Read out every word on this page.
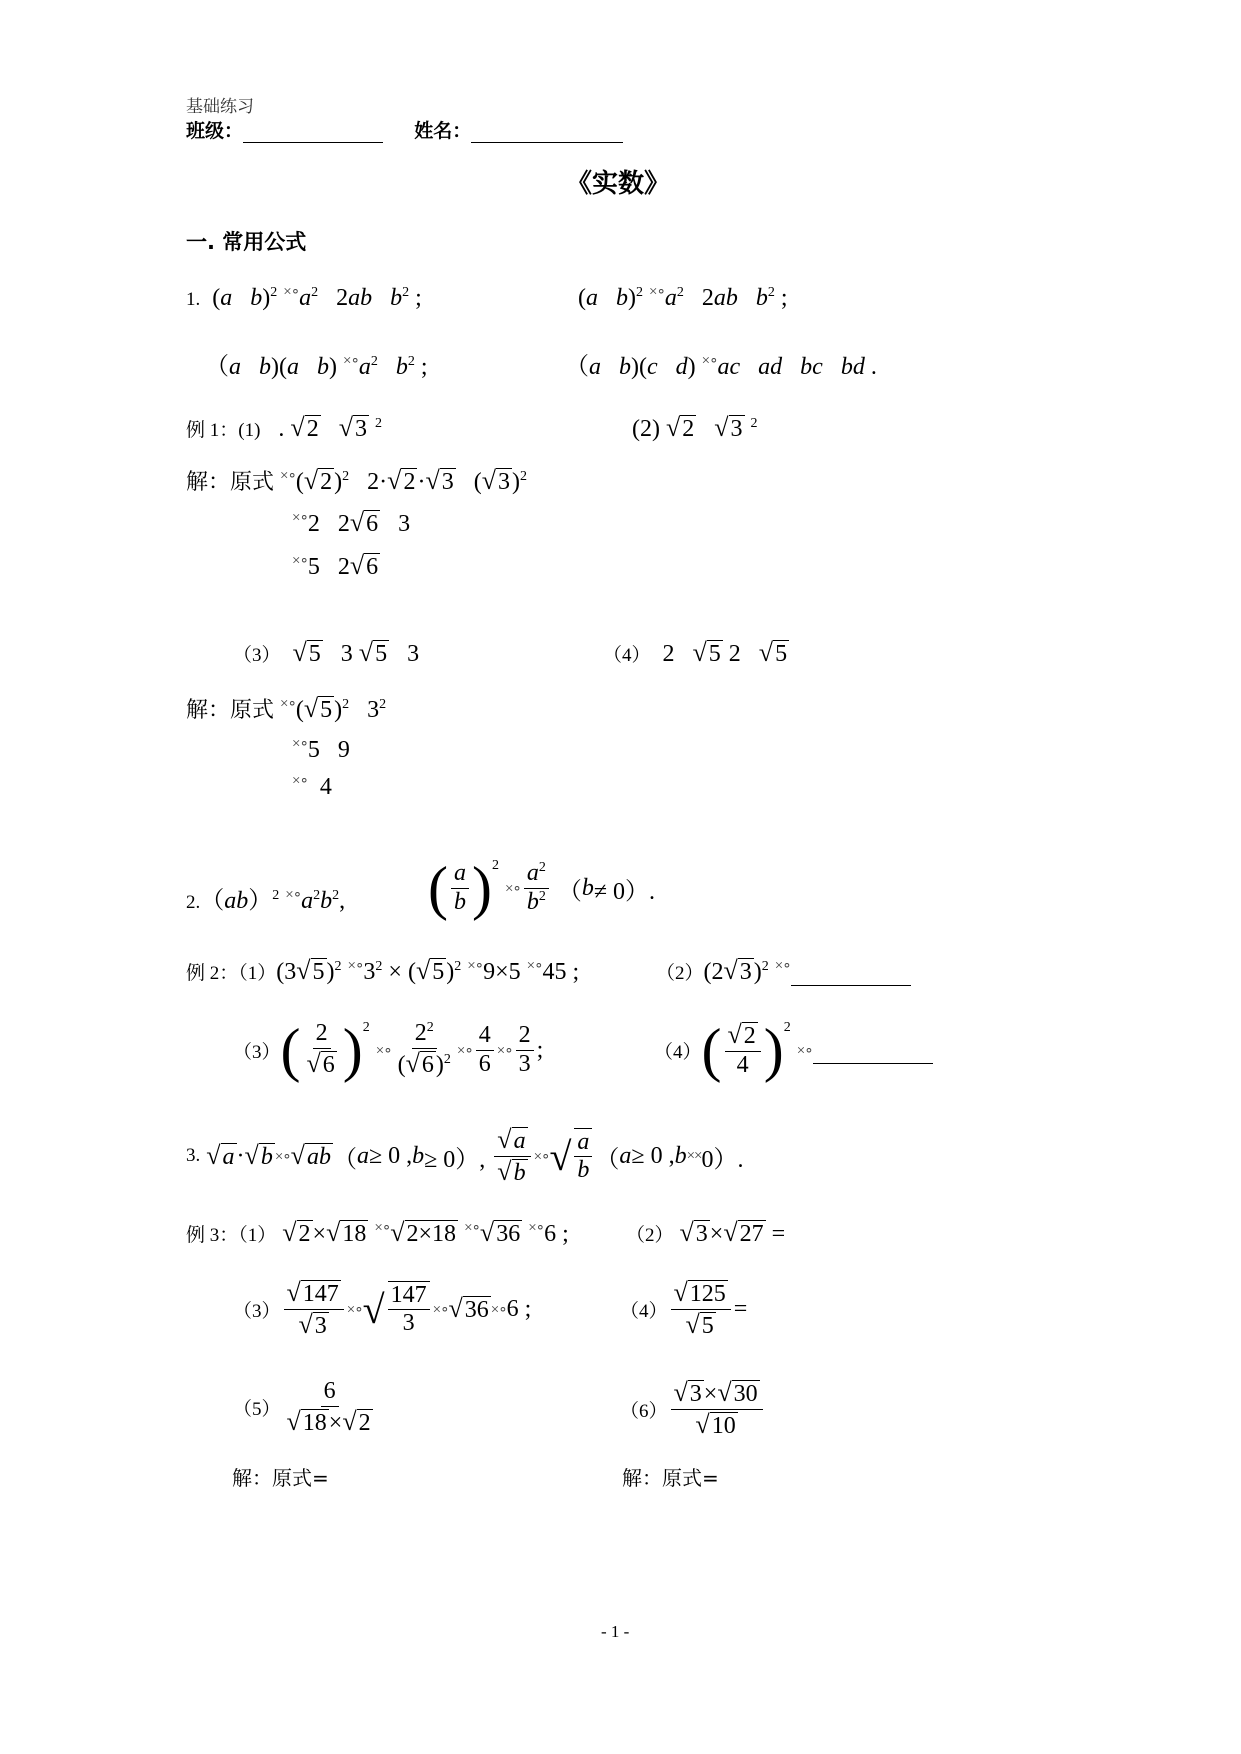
基础练习
班级：	姓名：
《实数》
一. 常用公式
1.  (a b)$^2$ $^{\times\circ}a^2$   2ab $b^2$ ;	(a b)$^2$ $^{\times\circ}a^2$   2ab $b^2$ ;
（a b)(a b) $^{\times\circ}a^2$ $b^2$ ;	（a b)(c d) ×∘ac ad bc bd .
例 1：(1)   . √2 √3 $^2$	(2) √2 √3 $^2$
解：原式 $^{\times\circ}(√2)^2$   2·√2·√3   $(√3)^2$
×∘2   2√6   3
×∘5   2√6
（3） √5   3 √5   3	（4）  2   √5 2   √5
解：原式 $^{\times\circ}(√5)^2$   $3^2$
×∘5   9
×∘  4
2.（ab）$^2$ $^{\times\circ}a^2b^2$, ( $\frac{a}{b} )^2$

×∘ $\frac{a^2}{b^2}$ （ b ≠ 0）.
例 2：$(1)(3√5)^2$ $^{\times\circ}3^2 \times (√5)^2$ ×∘9×5 ×∘45 ;	$(2)(2√3)^2$ ×∘
（3） ( $\frac{2}{√6} )^2$

×∘ $\frac{2^2}{(√6)^2}$ ×∘ $\frac{4}{6}$ ×∘ $\frac{2}{3}$ ;	（4） ( $\frac{√2}{4} )^2$

×∘
3.
√a · √b ×∘ √ab （ a ≥ 0 , b ≥ 0）, $\frac{√a}{√b}$ ×∘ √ $\frac{a}{b}$ （ a ≥ 0 , b ×× 0）.
例 3：（1） √2×√18 ×∘√2×18 ×∘√36 ×∘6 ;	（2） √3×√27 =
$(3) \frac{√147}{√3}$ ×∘ √ $\frac{147}{3}$ ×∘ √36 ×∘ 6 ;	$(4) \frac{√125}{√5}$ =
$(5) \frac{6}{√18\times√2}$	$(6) \frac{√3\times√30}{√10}$
解：原式=	解：原式=
- 1 -
